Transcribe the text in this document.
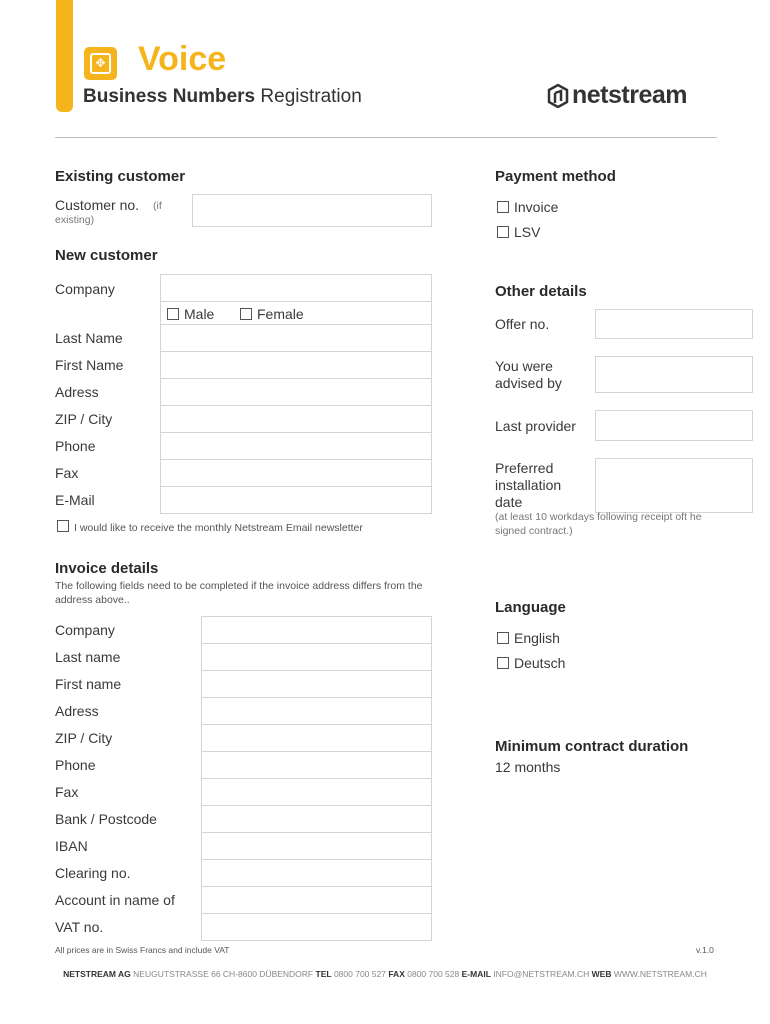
✥ Voice
Business Numbers Registration	netstream
Existing customer
Customer no.	(if existing)
New customer
Company
Male	Female
Last Name
First Name
Adress
ZIP / City
Phone
Fax
E-Mail
I would like to receive the monthly Netstream Email newsletter
Invoice details
The following fields need to be completed if the invoice address differs from the address above..
Company
Last name
First name
Adress
ZIP / City
Phone
Fax
Bank / Postcode
IBAN
Clearing no.
Account in name of
VAT no.
Payment method
Invoice
LSV
Other details
Offer no.
You were advised by
Last provider
Preferred installation date
(at least 10 workdays following receipt oft he signed contract.)
Language
English
Deutsch
Minimum contract duration
12 months
All prices are in Swiss Francs and include VAT	v.1.0
NETSTREAM AG NEUGUTSTRASSE 66 CH-8600 DÜBENDORF TEL 0800 700 527 FAX 0800 700 528 E-MAIL INFO@NETSTREAM.CH WEB WWW.NETSTREAM.CH
